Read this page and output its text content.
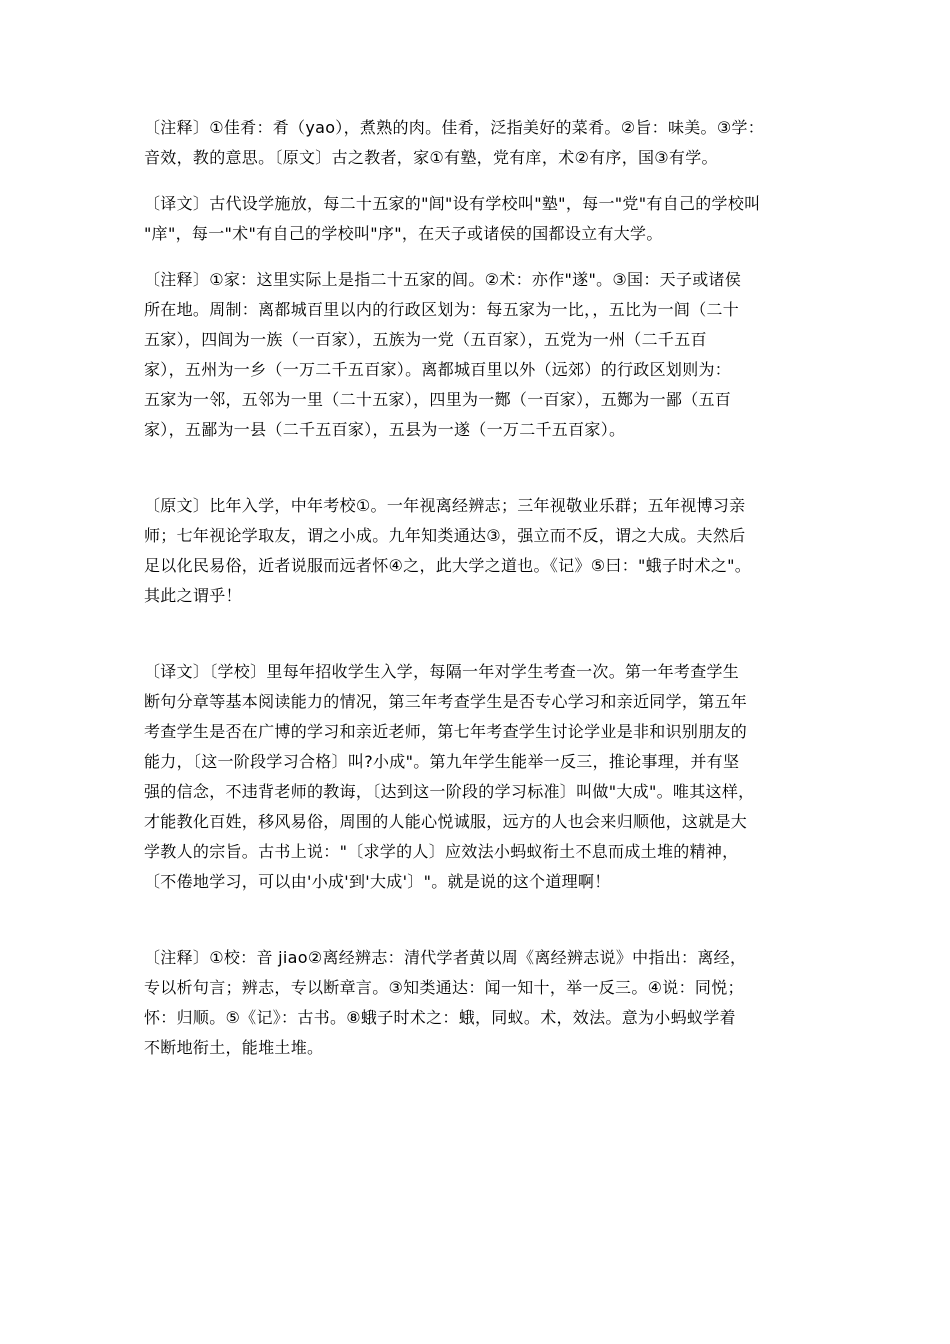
〔注释〕①佳肴：肴（yao），煮熟的肉。佳肴，泛指美好的菜肴。②旨：味美。③学：
音效，教的意思。〔原文〕古之教者，家①有塾，党有庠，术②有序，国③有学。
〔译文〕古代设学施放，每二十五家的"闾"设有学校叫"塾"，每一"党"有自己的学校叫
"庠"，每一"术"有自己的学校叫"序"，在天子或诸侯的国都设立有大学。
〔注释〕①家：这里实际上是指二十五家的闾。②术：亦作"遂"。③国：天子或诸侯
所在地。周制：离都城百里以内的行政区划为：每五家为一比，，五比为一闾（二十
五家），四闾为一族（一百家），五族为一党（五百家），五党为一州（二千五百
家），五州为一乡（一万二千五百家）。离都城百里以外（远郊）的行政区划则为：
五家为一邻，五邻为一里（二十五家），四里为一酂（一百家），五酂为一鄙（五百
家），五鄙为一县（二千五百家），五县为一遂（一万二千五百家）。
〔原文〕比年入学，中年考校①。一年视离经辨志；三年视敬业乐群；五年视博习亲
师；七年视论学取友，谓之小成。九年知类通达③，强立而不反，谓之大成。夫然后
足以化民易俗，近者说服而远者怀④之，此大学之道也。《记》⑤曰："蛾子时术之"。
其此之谓乎！
〔译文〕〔学校〕里每年招收学生入学，每隔一年对学生考查一次。第一年考查学生
断句分章等基本阅读能力的情况，第三年考查学生是否专心学习和亲近同学，第五年
考查学生是否在广博的学习和亲近老师，第七年考查学生讨论学业是非和识别朋友的
能力，〔这一阶段学习合格〕叫?小成"。第九年学生能举一反三，推论事理，并有坚
强的信念，不违背老师的教诲，〔达到这一阶段的学习标准〕叫做"大成"。唯其这样，
才能教化百姓，移风易俗，周围的人能心悦诚服，远方的人也会来归顺他，这就是大
学教人的宗旨。古书上说："〔求学的人〕应效法小蚂蚁衔土不息而成土堆的精神，
〔不倦地学习，可以由'小成'到'大成'〕"。就是说的这个道理啊！
〔注释〕①校：音 jiao②离经辨志：清代学者黄以周《离经辨志说》中指出：离经，
专以析句言；辨志，专以断章言。③知类通达：闻一知十，举一反三。④说：同悦；
怀：归顺。⑤《记》：古书。⑧蛾子时术之：蛾，同蚁。术，效法。意为小蚂蚁学着
不断地衔土，能堆土堆。
